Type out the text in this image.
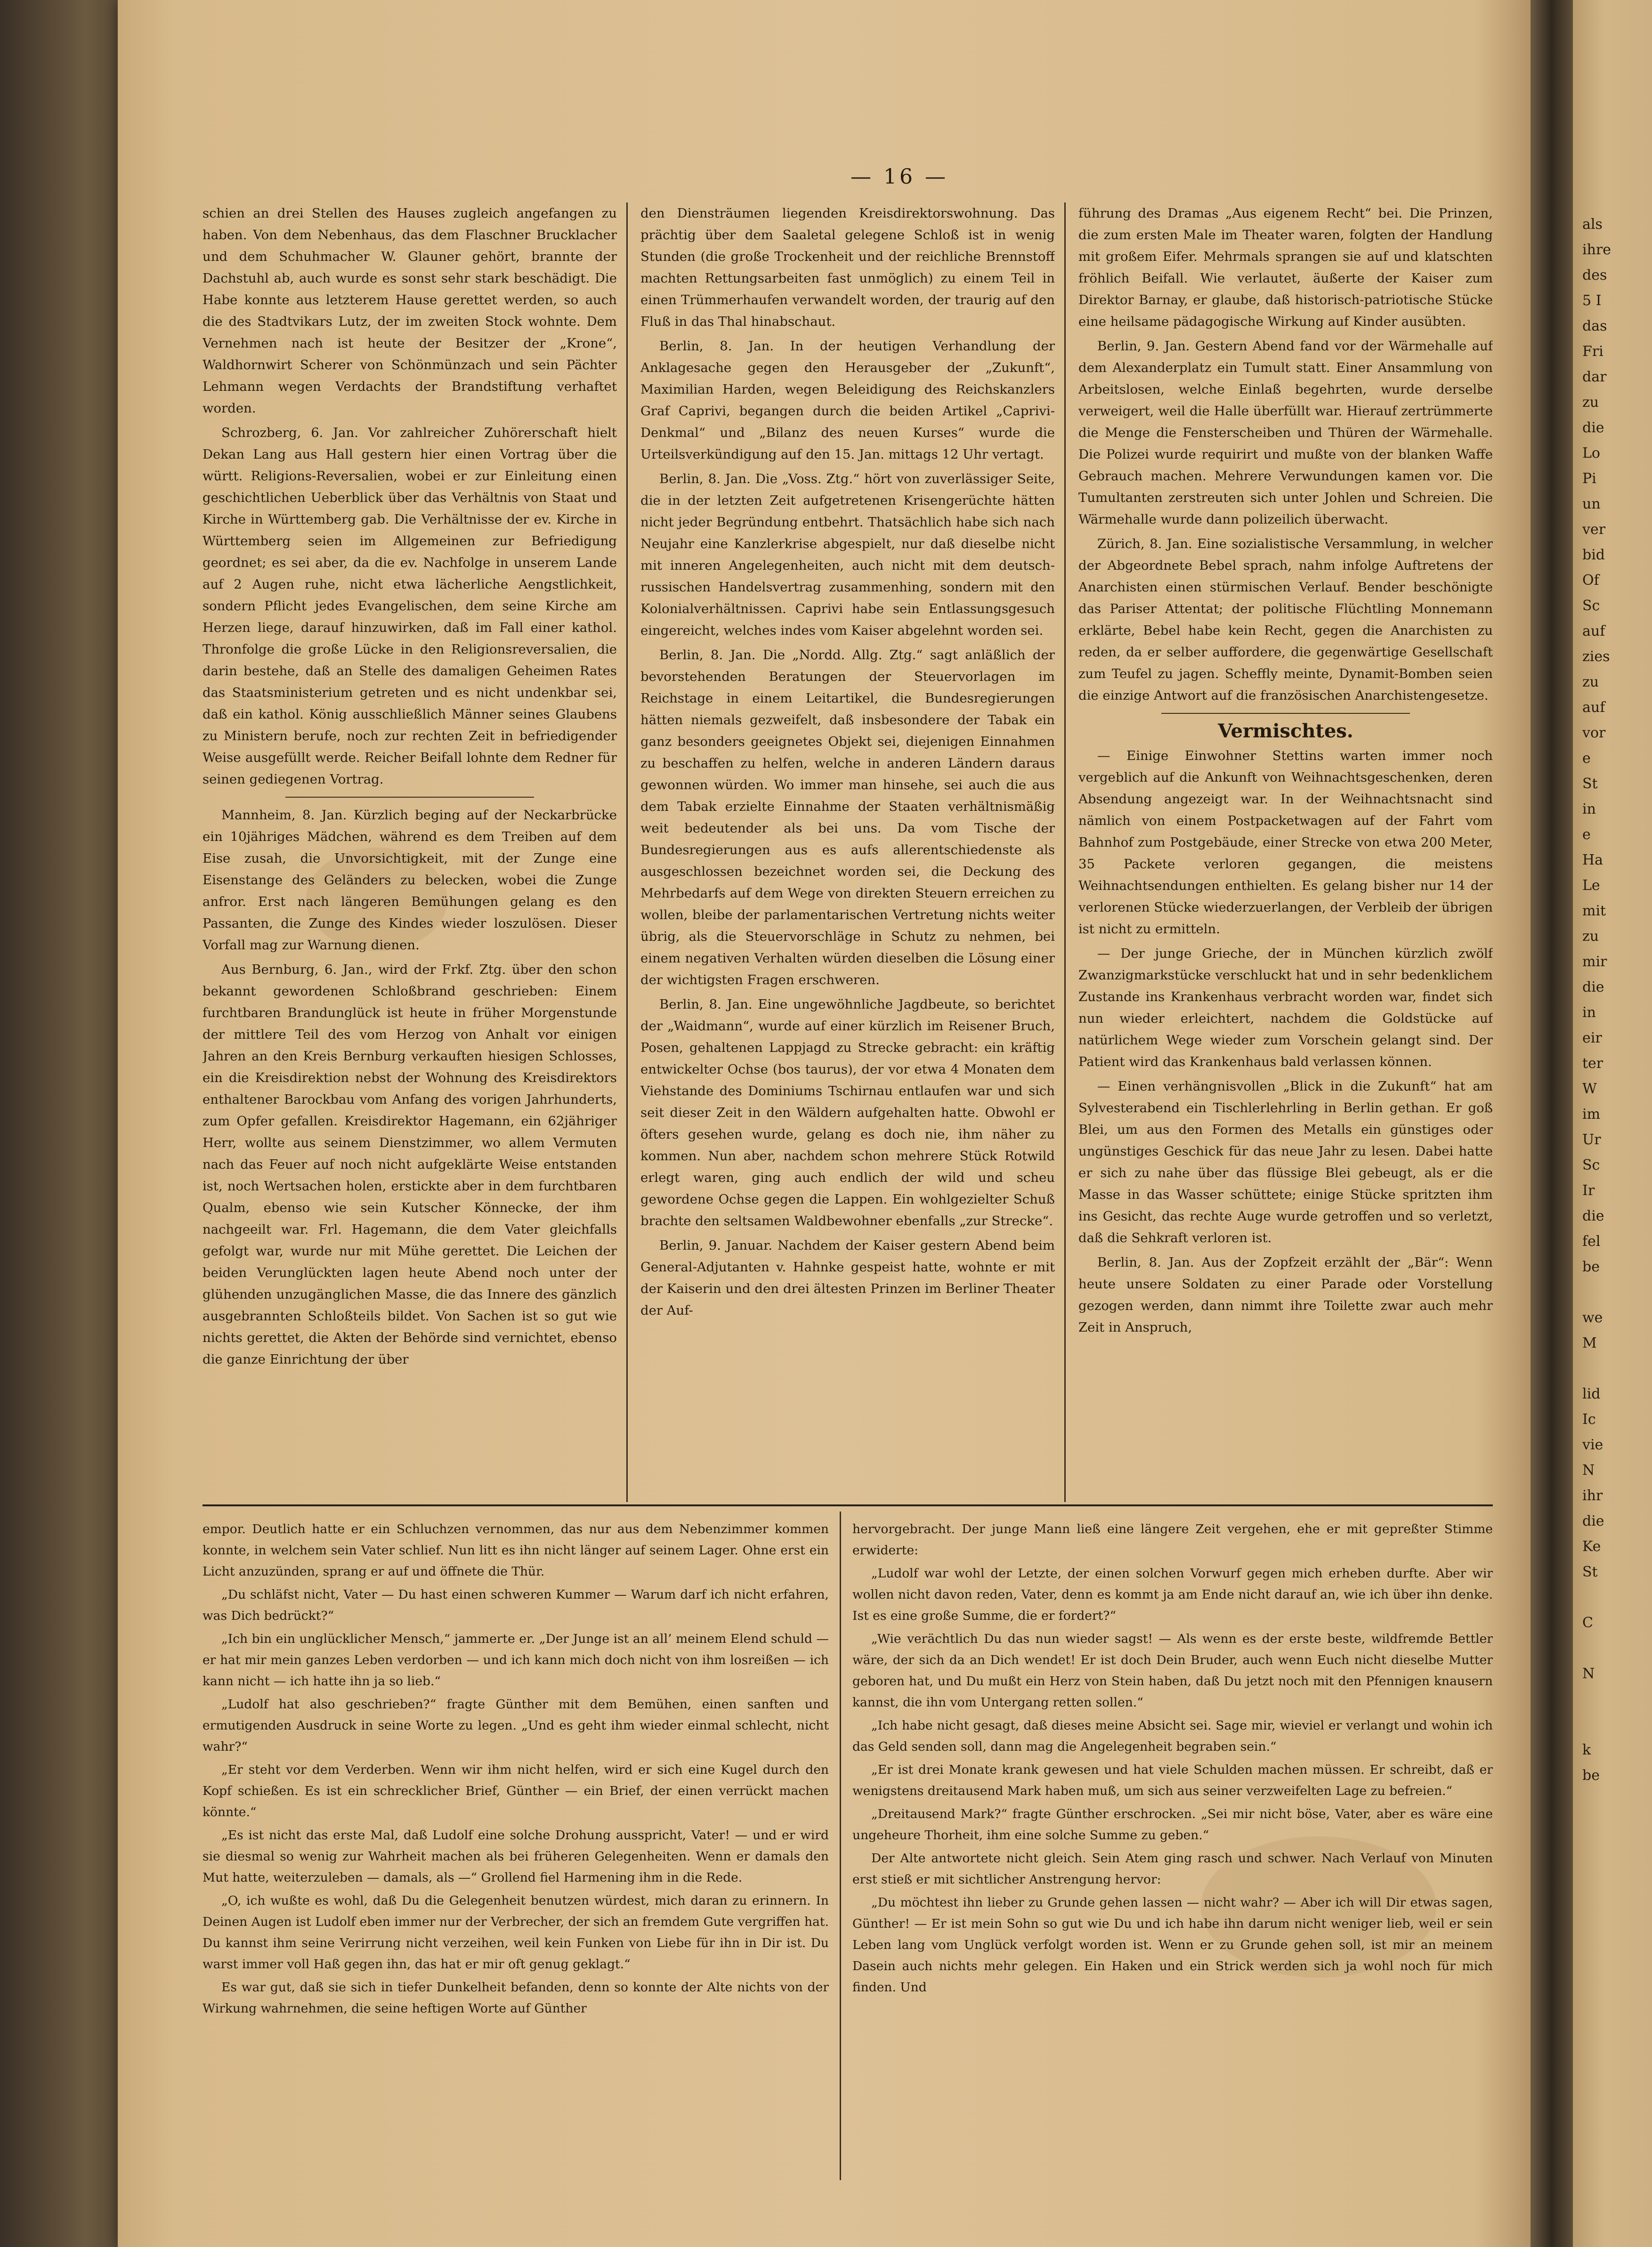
— 16 —

schien an drei Stellen des Hauses zugleich angefangen zu haben. Von dem Nebenhaus, das dem Flaschner Brucklacher und dem Schuhmacher W. Glauner gehört, brannte der Dachstuhl ab, auch wurde es sonst sehr stark beschädigt. Die Habe konnte aus letzterem Hause gerettet werden, so auch die des Stadtvikars Lutz, der im zweiten Stock wohnte. Dem Vernehmen nach ist heute der Besitzer der „Krone“, Waldhornwirt Scherer von Schönmünzach und sein Pächter Lehmann wegen Verdachts der Brandstiftung verhaftet worden.

Schrozberg, 6. Jan. Vor zahlreicher Zuhörerschaft hielt Dekan Lang aus Hall gestern hier einen Vortrag über die württ. Religions-Reversalien, wobei er zur Einleitung einen geschichtlichen Ueberblick über das Verhältnis von Staat und Kirche in Württemberg gab. Die Verhältnisse der ev. Kirche in Württemberg seien im Allgemeinen zur Befriedigung geordnet; es sei aber, da die ev. Nachfolge in unserem Lande auf 2 Augen ruhe, nicht etwa lächerliche Aengstlichkeit, sondern Pflicht jedes Evangelischen, dem seine Kirche am Herzen liege, darauf hinzuwirken, daß im Fall einer kathol. Thronfolge die große Lücke in den Religionsreversalien, die darin bestehe, daß an Stelle des damaligen Geheimen Rates das Staatsministerium getreten und es nicht undenkbar sei, daß ein kathol. König ausschließlich Männer seines Glaubens zu Ministern berufe, noch zur rechten Zeit in befriedigender Weise ausgefüllt werde. Reicher Beifall lohnte dem Redner für seinen gediegenen Vortrag.

Mannheim, 8. Jan. Kürzlich beging auf der Neckarbrücke ein 10jähriges Mädchen, während es dem Treiben auf dem Eise zusah, die Unvorsichtigkeit, mit der Zunge eine Eisenstange des Geländers zu belecken, wobei die Zunge anfror. Erst nach längeren Bemühungen gelang es den Passanten, die Zunge des Kindes wieder loszulösen. Dieser Vorfall mag zur Warnung dienen.

Aus Bernburg, 6. Jan., wird der Frkf. Ztg. über den schon bekannt gewordenen Schloßbrand geschrieben: Einem furchtbaren Brandunglück ist heute in früher Morgenstunde der mittlere Teil des vom Herzog von Anhalt vor einigen Jahren an den Kreis Bernburg verkauften hiesigen Schlosses, ein die Kreisdirektion nebst der Wohnung des Kreisdirektors enthaltener Barockbau vom Anfang des vorigen Jahrhunderts, zum Opfer gefallen. Kreisdirektor Hagemann, ein 62jähriger Herr, wollte aus seinem Dienstzimmer, wo allem Vermuten nach das Feuer auf noch nicht aufgeklärte Weise entstanden ist, noch Wertsachen holen, erstickte aber in dem furchtbaren Qualm, ebenso wie sein Kutscher Könnecke, der ihm nachgeeilt war. Frl. Hagemann, die dem Vater gleichfalls gefolgt war, wurde nur mit Mühe gerettet. Die Leichen der beiden Verunglückten lagen heute Abend noch unter der glühenden unzugänglichen Masse, die das Innere des gänzlich ausgebrannten Schloßteils bildet. Von Sachen ist so gut wie nichts gerettet, die Akten der Behörde sind vernichtet, ebenso die ganze Einrichtung der über

den Diensträumen liegenden Kreisdirektorswohnung. Das prächtig über dem Saaletal gelegene Schloß ist in wenig Stunden (die große Trockenheit und der reichliche Brennstoff machten Rettungsarbeiten fast unmöglich) zu einem Teil in einen Trümmerhaufen verwandelt worden, der traurig auf den Fluß in das Thal hinabschaut.

Berlin, 8. Jan. In der heutigen Verhandlung der Anklagesache gegen den Herausgeber der „Zukunft“, Maximilian Harden, wegen Beleidigung des Reichskanzlers Graf Caprivi, begangen durch die beiden Artikel „Caprivi-Denkmal“ und „Bilanz des neuen Kurses“ wurde die Urteilsverkündigung auf den 15. Jan. mittags 12 Uhr vertagt.

Berlin, 8. Jan. Die „Voss. Ztg.“ hört von zuverlässiger Seite, die in der letzten Zeit aufgetretenen Krisengerüchte hätten nicht jeder Begründung entbehrt. Thatsächlich habe sich nach Neujahr eine Kanzlerkrise abgespielt, nur daß dieselbe nicht mit inneren Angelegenheiten, auch nicht mit dem deutsch-russischen Handelsvertrag zusammenhing, sondern mit den Kolonialverhältnissen. Caprivi habe sein Entlassungsgesuch eingereicht, welches indes vom Kaiser abgelehnt worden sei.

Berlin, 8. Jan. Die „Nordd. Allg. Ztg.“ sagt anläßlich der bevorstehenden Beratungen der Steuervorlagen im Reichstage in einem Leitartikel, die Bundesregierungen hätten niemals gezweifelt, daß insbesondere der Tabak ein ganz besonders geeignetes Objekt sei, diejenigen Einnahmen zu beschaffen zu helfen, welche in anderen Ländern daraus gewonnen würden. Wo immer man hinsehe, sei auch die aus dem Tabak erzielte Einnahme der Staaten verhältnismäßig weit bedeutender als bei uns. Da vom Tische der Bundesregierungen aus es aufs allerentschiedenste als ausgeschlossen bezeichnet worden sei, die Deckung des Mehrbedarfs auf dem Wege von direkten Steuern erreichen zu wollen, bleibe der parlamentarischen Vertretung nichts weiter übrig, als die Steuervorschläge in Schutz zu nehmen, bei einem negativen Verhalten würden dieselben die Lösung einer der wichtigsten Fragen erschweren.

Berlin, 8. Jan. Eine ungewöhnliche Jagdbeute, so berichtet der „Waidmann“, wurde auf einer kürzlich im Reisener Bruch, Posen, gehaltenen Lappjagd zu Strecke gebracht: ein kräftig entwickelter Ochse (bos taurus), der vor etwa 4 Monaten dem Viehstande des Dominiums Tschirnau entlaufen war und sich seit dieser Zeit in den Wäldern aufgehalten hatte. Obwohl er öfters gesehen wurde, gelang es doch nie, ihm näher zu kommen. Nun aber, nachdem schon mehrere Stück Rotwild erlegt waren, ging auch endlich der wild und scheu gewordene Ochse gegen die Lappen. Ein wohlgezielter Schuß brachte den seltsamen Waldbewohner ebenfalls „zur Strecke“.

Berlin, 9. Januar. Nachdem der Kaiser gestern Abend beim General-Adjutanten v. Hahnke gespeist hatte, wohnte er mit der Kaiserin und den drei ältesten Prinzen im Berliner Theater der Auf-

führung des Dramas „Aus eigenem Recht“ bei. Die Prinzen, die zum ersten Male im Theater waren, folgten der Handlung mit großem Eifer. Mehrmals sprangen sie auf und klatschten fröhlich Beifall. Wie verlautet, äußerte der Kaiser zum Direktor Barnay, er glaube, daß historisch-patriotische Stücke eine heilsame pädagogische Wirkung auf Kinder ausübten.

Berlin, 9. Jan. Gestern Abend fand vor der Wärmehalle auf dem Alexanderplatz ein Tumult statt. Einer Ansammlung von Arbeitslosen, welche Einlaß begehrten, wurde derselbe verweigert, weil die Halle überfüllt war. Hierauf zertrümmerte die Menge die Fensterscheiben und Thüren der Wärmehalle. Die Polizei wurde requirirt und mußte von der blanken Waffe Gebrauch machen. Mehrere Verwundungen kamen vor. Die Tumultanten zerstreuten sich unter Johlen und Schreien. Die Wärmehalle wurde dann polizeilich überwacht.

Zürich, 8. Jan. Eine sozialistische Versammlung, in welcher der Abgeordnete Bebel sprach, nahm infolge Auftretens der Anarchisten einen stürmischen Verlauf. Bender beschönigte das Pariser Attentat; der politische Flüchtling Monnemann erklärte, Bebel habe kein Recht, gegen die Anarchisten zu reden, da er selber auffordere, die gegenwärtige Gesellschaft zum Teufel zu jagen. Scheffly meinte, Dynamit-Bomben seien die einzige Antwort auf die französischen Anarchistengesetze.

Vermischtes.

— Einige Einwohner Stettins warten immer noch vergeblich auf die Ankunft von Weihnachtsgeschenken, deren Absendung angezeigt war. In der Weihnachtsnacht sind nämlich von einem Postpacketwagen auf der Fahrt vom Bahnhof zum Postgebäude, einer Strecke von etwa 200 Meter, 35 Packete verloren gegangen, die meistens Weihnachtsendungen enthielten. Es gelang bisher nur 14 der verlorenen Stücke wiederzuerlangen, der Verbleib der übrigen ist nicht zu ermitteln.

— Der junge Grieche, der in München kürzlich zwölf Zwanzigmarkstücke verschluckt hat und in sehr bedenklichem Zustande ins Krankenhaus verbracht worden war, findet sich nun wieder erleichtert, nachdem die Goldstücke auf natürlichem Wege wieder zum Vorschein gelangt sind. Der Patient wird das Krankenhaus bald verlassen können.

— Einen verhängnisvollen „Blick in die Zukunft“ hat am Sylvesterabend ein Tischlerlehrling in Berlin gethan. Er goß Blei, um aus den Formen des Metalls ein günstiges oder ungünstiges Geschick für das neue Jahr zu lesen. Dabei hatte er sich zu nahe über das flüssige Blei gebeugt, als er die Masse in das Wasser schüttete; einige Stücke spritzten ihm ins Gesicht, das rechte Auge wurde getroffen und so verletzt, daß die Sehkraft verloren ist.

Berlin, 8. Jan. Aus der Zopfzeit erzählt der „Bär“: Wenn heute unsere Soldaten zu einer Parade oder Vorstellung gezogen werden, dann nimmt ihre Toilette zwar auch mehr Zeit in Anspruch,

empor. Deutlich hatte er ein Schluchzen vernommen, das nur aus dem Nebenzimmer kommen konnte, in welchem sein Vater schlief. Nun litt es ihn nicht länger auf seinem Lager. Ohne erst ein Licht anzuzünden, sprang er auf und öffnete die Thür.

„Du schläfst nicht, Vater — Du hast einen schweren Kummer — Warum darf ich nicht erfahren, was Dich bedrückt?“

„Ich bin ein unglücklicher Mensch,“ jammerte er. „Der Junge ist an all’ meinem Elend schuld — er hat mir mein ganzes Leben verdorben — und ich kann mich doch nicht von ihm losreißen — ich kann nicht — ich hatte ihn ja so lieb.“

„Ludolf hat also geschrieben?“ fragte Günther mit dem Bemühen, einen sanften und ermutigenden Ausdruck in seine Worte zu legen. „Und es geht ihm wieder einmal schlecht, nicht wahr?“

„Er steht vor dem Verderben. Wenn wir ihm nicht helfen, wird er sich eine Kugel durch den Kopf schießen. Es ist ein schrecklicher Brief, Günther — ein Brief, der einen verrückt machen könnte.“

„Es ist nicht das erste Mal, daß Ludolf eine solche Drohung ausspricht, Vater! — und er wird sie diesmal so wenig zur Wahrheit machen als bei früheren Gelegenheiten. Wenn er damals den Mut hatte, weiterzuleben — damals, als —“ Grollend fiel Harmening ihm in die Rede.

„O, ich wußte es wohl, daß Du die Gelegenheit benutzen würdest, mich daran zu erinnern. In Deinen Augen ist Ludolf eben immer nur der Verbrecher, der sich an fremdem Gute vergriffen hat. Du kannst ihm seine Verirrung nicht verzeihen, weil kein Funken von Liebe für ihn in Dir ist. Du warst immer voll Haß gegen ihn, das hat er mir oft genug geklagt.“

Es war gut, daß sie sich in tiefer Dunkelheit befanden, denn so konnte der Alte nichts von der Wirkung wahrnehmen, die seine heftigen Worte auf Günther

hervorgebracht. Der junge Mann ließ eine längere Zeit vergehen, ehe er mit gepreßter Stimme erwiderte:

„Ludolf war wohl der Letzte, der einen solchen Vorwurf gegen mich erheben durfte. Aber wir wollen nicht davon reden, Vater, denn es kommt ja am Ende nicht darauf an, wie ich über ihn denke. Ist es eine große Summe, die er fordert?“

„Wie verächtlich Du das nun wieder sagst! — Als wenn es der erste beste, wildfremde Bettler wäre, der sich da an Dich wendet! Er ist doch Dein Bruder, auch wenn Euch nicht dieselbe Mutter geboren hat, und Du mußt ein Herz von Stein haben, daß Du jetzt noch mit den Pfennigen knausern kannst, die ihn vom Untergang retten sollen.“

„Ich habe nicht gesagt, daß dieses meine Absicht sei. Sage mir, wieviel er verlangt und wohin ich das Geld senden soll, dann mag die Angelegenheit begraben sein.“

„Er ist drei Monate krank gewesen und hat viele Schulden machen müssen. Er schreibt, daß er wenigstens dreitausend Mark haben muß, um sich aus seiner verzweifelten Lage zu befreien.“

„Dreitausend Mark?“ fragte Günther erschrocken. „Sei mir nicht böse, Vater, aber es wäre eine ungeheure Thorheit, ihm eine solche Summe zu geben.“

Der Alte antwortete nicht gleich. Sein Atem ging rasch und schwer. Nach Verlauf von Minuten erst stieß er mit sichtlicher Anstrengung hervor:

„Du möchtest ihn lieber zu Grunde gehen lassen — nicht wahr? — Aber ich will Dir etwas sagen, Günther! — Er ist mein Sohn so gut wie Du und ich habe ihn darum nicht weniger lieb, weil er sein Leben lang vom Unglück verfolgt worden ist. Wenn er zu Grunde gehen soll, ist mir an meinem Dasein auch nichts mehr gelegen. Ein Haken und ein Strick werden sich ja wohl noch für mich finden. Und

als
ihre
des
5 I
das
Fri
dar
zu
die
Lo
Pi
un
ver
bid
Of
Sc
auf
zies
zu
auf
vor
e
St
in
e
Ha
Le
mit
zu
mir
die
in
eir
ter
W
im
Ur
Sc
Ir
die
fel
be
we
M
lid
Ic
vie
N
ihr
die
Ke
St
C
N
k
be
